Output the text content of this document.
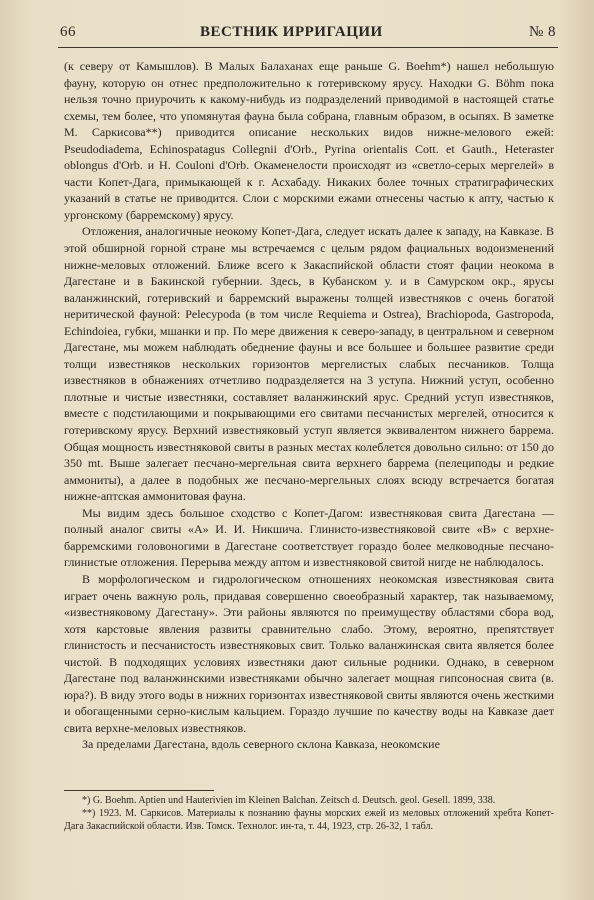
66	ВЕСТНИК ИРРИГАЦИИ	№ 8

(к северу от Камышлов). В Малых Балаханах еще раньше G. Boehm*) нашел небольшую фауну, которую он отнес предположительно к готеривскому ярусу. Находки G. Böhm пока нельзя точно приурочить к какому-нибудь из подразделений приводимой в настоящей статье схемы, тем более, что упомянутая фауна была собрана, главным образом, в осыпях. В заметке М. Саркисова**) приводится описание нескольких видов нижне-мелового ежей: Pseudodiadema, Echinospatagus Collegnii d'Orb., Pyrina orientalis Cott. et Gauth., Heteraster oblongus d'Orb. и H. Couloni d'Orb. Окаменелости происходят из «светло-серых мергелей» в части Копет-Дага, примыкающей к г. Асхабаду. Никаких более точных стратиграфических указаний в статье не приводится. Слои с морскими ежами отнесены частью к апту, частью к ургонскому (барремскому) ярусу.

Отложения, аналогичные неокому Копет-Дага, следует искать далее к западу, на Кавказе. В этой обширной горной стране мы встречаемся с целым рядом фациальных водоизменений нижне-меловых отложений. Ближе всего к Закаспийской области стоят фации неокома в Дагестане и в Бакинской губернии. Здесь, в Кубанском у. и в Самурском окр., ярусы валанжинский, готеривский и барремский выражены толщей известняков с очень богатой неритической фауной: Pelecypoda (в том числе Requiema и Ostrea), Brachiopoda, Gastropoda, Echindoiea, губки, мшанки и пр. По мере движения к северо-западу, в центральном и северном Дагестане, мы можем наблюдать обеднение фауны и все большее и большее развитие среди толщи известняков нескольких горизонтов мергелистых слабых песчаников. Толща известняков в обнажениях отчетливо подразделяется на 3 уступа. Нижний уступ, особенно плотные и чистые известняки, составляет валанжинский ярус. Средний уступ известняков, вместе с подстилающими и покрывающими его свитами песчанистых мергелей, относится к готеривскому ярусу. Верхний известняковый уступ является эквивалентом нижнего баррема. Общая мощность известняковой свиты в разных местах колеблется довольно сильно: от 150 до 350 mt. Выше залегает песчано-мергельная свита верхнего баррема (пелециподы и редкие аммониты), а далее в подобных же песчано-мергельных слоях всюду встречается богатая нижне-аптская аммонитовая фауна.

Мы видим здесь большое сходство с Копет-Дагом: известняковая свита Дагестана — полный аналог свиты «А» И. И. Никшича. Глинисто-известняковой свите «В» с верхне-барремскими головоногими в Дагестане соответствует гораздо более мелководные песчано-глинистые отложения. Перерыва между аптом и известняковой свитой нигде не наблюдалось.

В морфологическом и гидрологическом отношениях неокомская известняковая свита играет очень важную роль, придавая совершенно своеобразный характер, так называемому, «известняковому Дагестану». Эти районы являются по преимуществу областями сбора вод, хотя карстовые явления развиты сравнительно слабо. Этому, вероятно, препятствует глинистость и песчанистость известняковых свит. Только валанжинская свита является более чистой. В подходящих условиях известняки дают сильные родники. Однако, в северном Дагестане под валанжинскими известняками обычно залегает мощная гипсоносная свита (в. юра?). В виду этого воды в нижних горизонтах известняковой свиты являются очень жесткими и обогащенными серно-кислым кальцием. Гораздо лучшие по качеству воды на Кавказе дает свита верхне-меловых известняков.

За пределами Дагестана, вдоль северного склона Кавказа, неокомские

*) G. Boehm. Aptien und Hauterivien im Kleinen Balchan. Zeitsch d. Deutsch. geol. Gesell. 1899, 338.

**) 1923. М. Саркисов. Материалы к познанию фауны морских ежей из меловых отложений хребта Копет-Дага Закаспийской области. Изв. Томск. Технолог. ин-та, т. 44, 1923, стр. 26-32, 1 табл.
